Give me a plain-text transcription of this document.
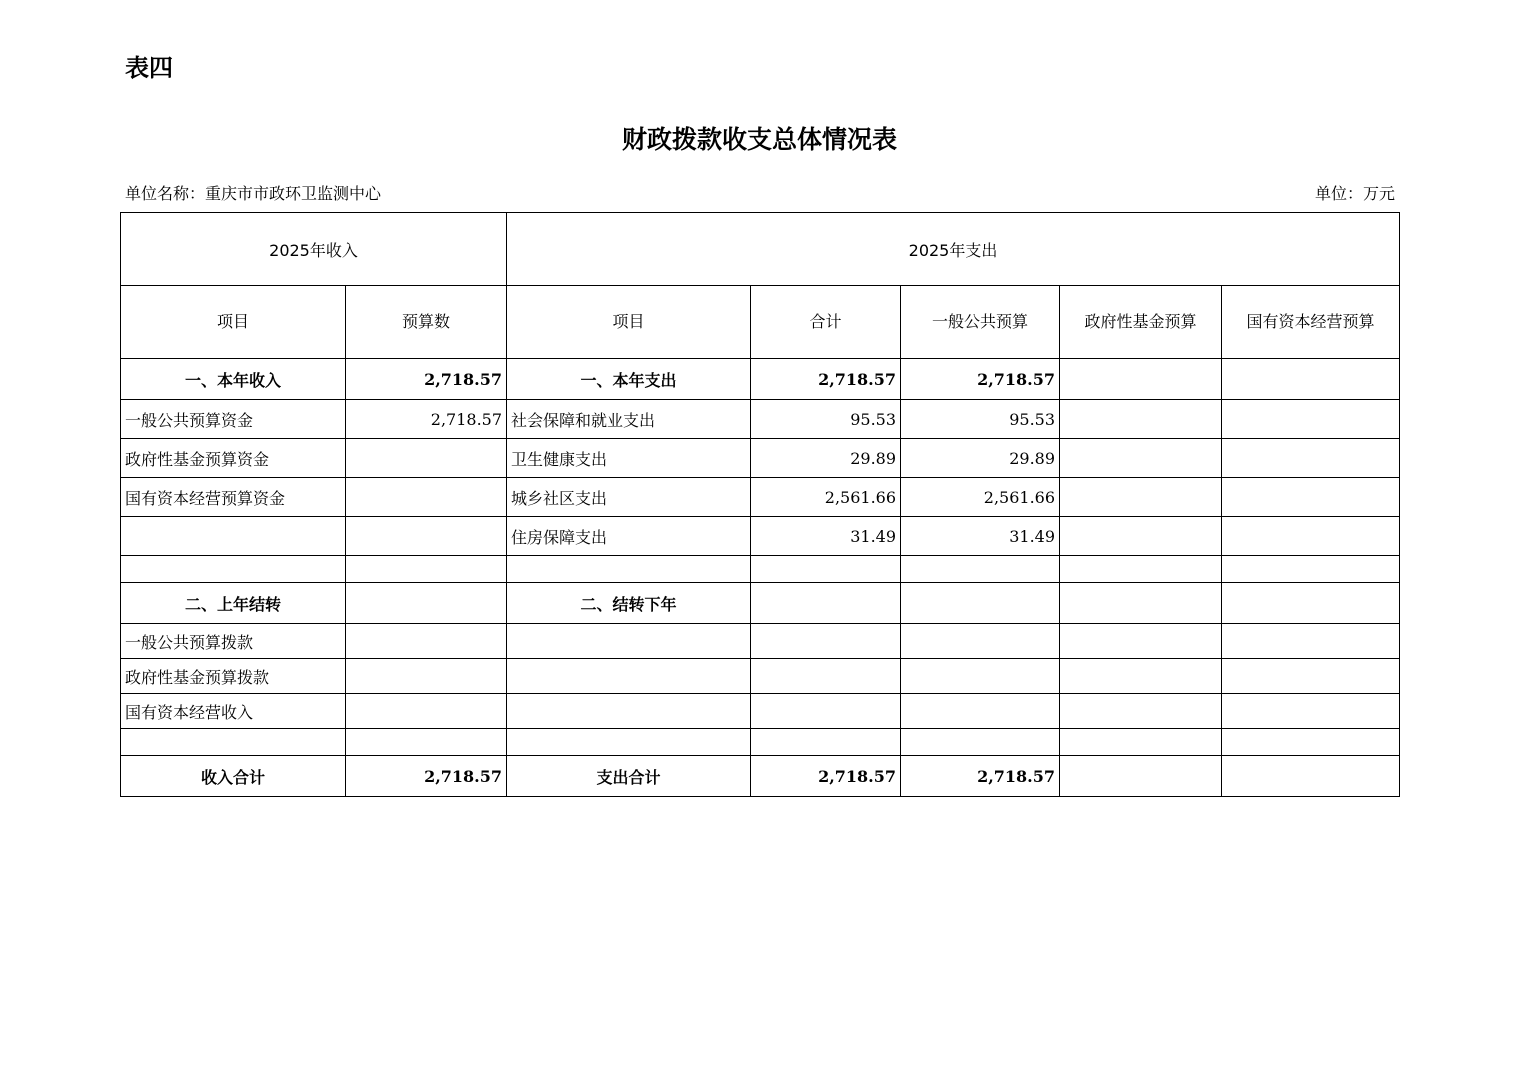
表四
财政拨款收支总体情况表
单位名称：重庆市市政环卫监测中心	单位：万元
2025年收入		2025年支出				
项目	预算数	项目	合计	一般公共预算	政府性基金预算	国有资本经营预算
一、本年收入	2,718.57	一、本年支出	2,718.57	2,718.57		
一般公共预算资金	2,718.57	社会保障和就业支出	95.53	95.53		
政府性基金预算资金		卫生健康支出	29.89	29.89		
国有资本经营预算资金		城乡社区支出	2,561.66	2,561.66		
		住房保障支出	31.49	31.49		

二、上年结转		二、结转下年				
一般公共预算拨款						
政府性基金预算拨款						
国有资本经营收入						

收入合计	2,718.57	支出合计	2,718.57	2,718.57		
